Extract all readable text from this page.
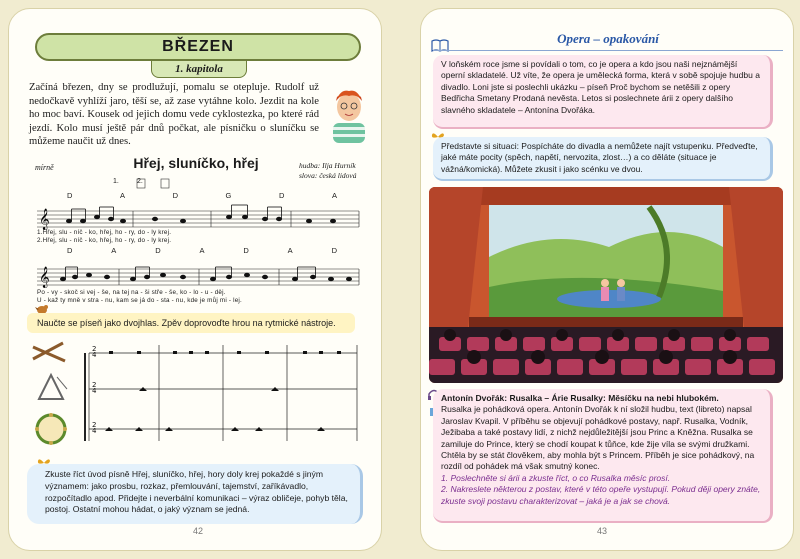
BŘEZEN
1. kapitola

Začíná březen, dny se prodlužují, pomalu se otepluje. Rudolf už nedočkavě vyhlíží jaro, těší se, až zase vytáhne kolo. Jezdit na kole ho moc baví. Kousek od jejich domu vede cyklostezka, po které rád jezdí. Kolo musí ještě pár dnů počkat, ale písničku o sluníčku se můžeme naučit už dnes.

Hřej, sluníčko, hřej
mírně	hudba: Ilja Hurník
slova: česká lidová
𝄞
𝄞
1.	2.
D	A	D	G	D	A
1.Hřej, slu - níč - ko, hřej, ho - ry, do - ly krej.
2.Hřej, slu - níč - ko, hřej, ho - ry, do - ly krej.
D	A	D	A	D	A	D
Po - vy - skoč si vej - še, na tej na - ši stře - še, ko - lo - u - děj.
U - kaž ty mně v stra - nu, kam se já do - sta - nu, kde je můj mi - lej.
Naučte se píseň jako dvojhlas. Zpěv doprovoďte hrou na rytmické nástroje.
2
4
2
4
2
4
Zkuste říct úvod písně Hřej, sluníčko, hřej, hory doly krej pokaždé s jiným významem: jako prosbu, rozkaz, přemlouvání, tajemství, zaříkávadlo, rozpočítadlo apod. Přidejte i neverbální komunikaci – výraz obličeje, pohyb těla, postoj. Ostatní mohou hádat, o jaký význam se jedná.
42
Opera – opakování
V loňském roce jsme si povídali o tom, co je opera a kdo jsou naši nejznámější operní skladatelé. Už víte, že opera je umělecká forma, která v sobě spojuje hudbu a divadlo. Loni jste si poslechli ukázku – píseň Proč bychom se netěšili z opery Bedřicha Smetany Prodaná nevěsta. Letos si poslechnete árii z opery dalšího slavného skladatele – Antonína Dvořáka.
Představte si situaci: Pospícháte do divadla a nemůžete najít vstupenku. Předveďte, jaké máte pocity (spěch, napětí, nervozita, zlost…) a co děláte (situace je vážná/komická). Můžete zkusit i jako scénku ve dvou.
Antonín Dvořák: Rusalka – Árie Rusalky: Měsíčku na nebi hlubokém.
Rusalka je pohádková opera. Antonín Dvořák k ní složil hudbu, text (libreto) napsal Jaroslav Kvapil. V příběhu se objevují pohádkové postavy, např. Rusalka, Vodník, Ježibaba a také postavy lidí, z nichž nejdůležitější jsou Princ a Kněžna. Rusalka se zamiluje do Prince, který se chodí koupat k tůňce, kde žije víla se svými družkami. Chtěla by se stát člověkem, aby mohla být s Princem. Příběh je sice pohádkový, na rozdíl od pohádek má však smutný konec.
1. Poslechněte si árii a zkuste říct, o co Rusalka měsíc prosí.
2. Nakreslete některou z postav, které v této opeře vystupují. Pokud ději opery znáte, zkuste svoji postavu charakterizovat – jaká je a jak se chová.
43
